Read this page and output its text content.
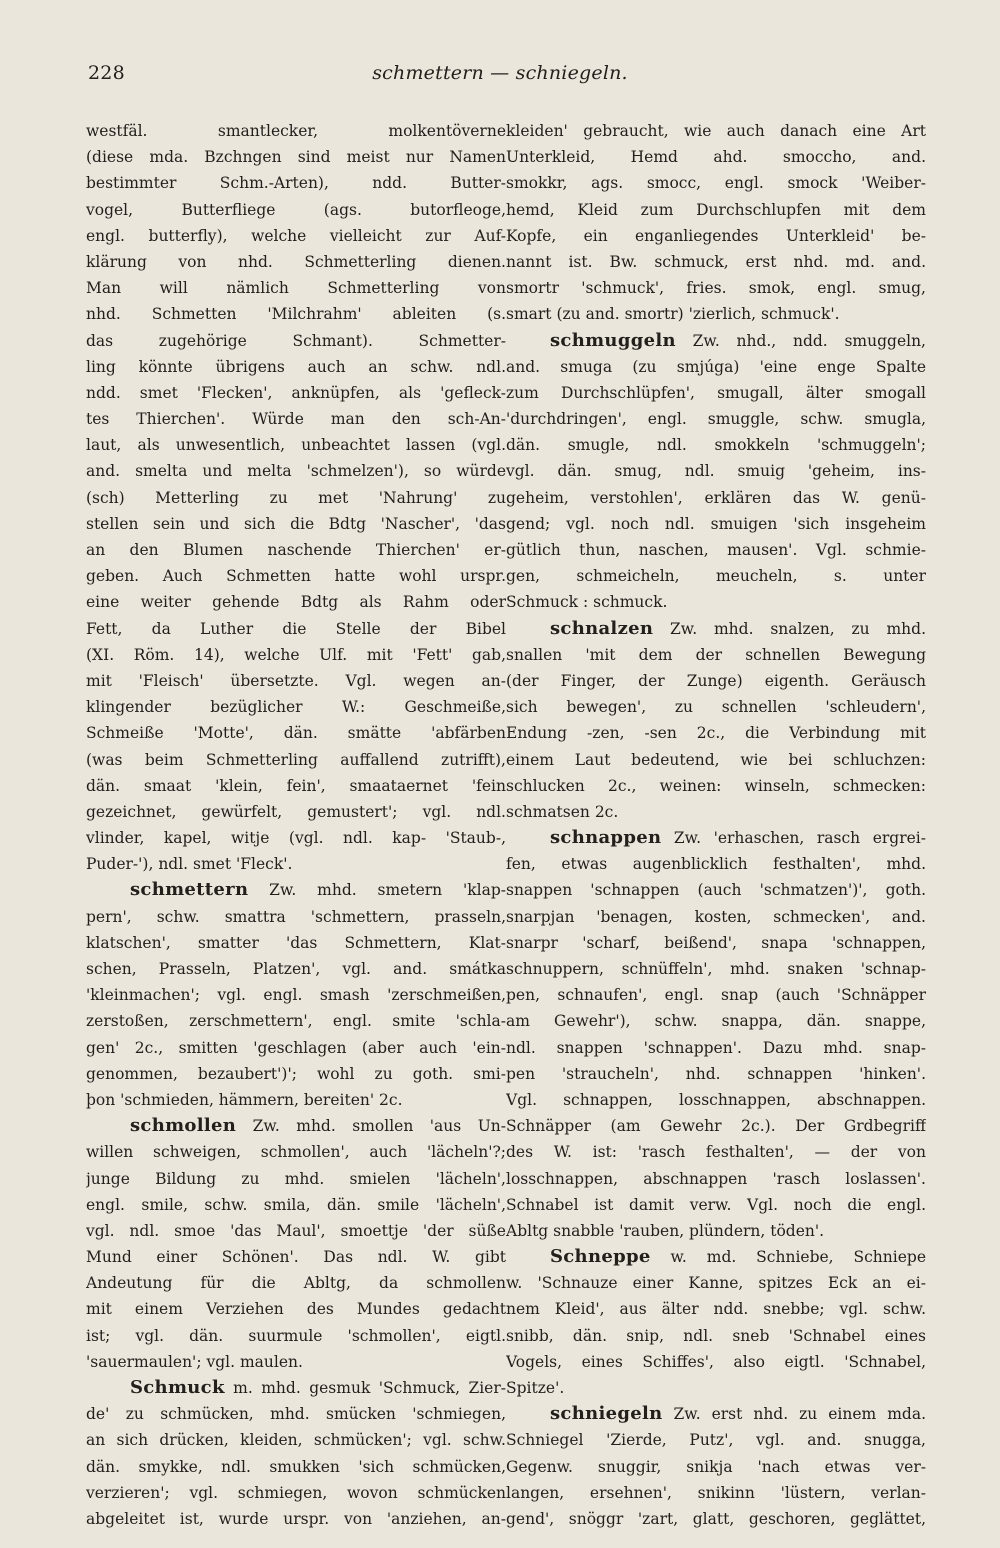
228	schmettern — schniegeln.
westfäl. smantlecker, molkentöverne
(diese mda. Bzchngen sind meist nur Namen
bestimmter Schm.-Arten), ndd. Butter-
vogel, Butterfliege (ags. butorfleoge,
engl. butterfly), welche vielleicht zur Auf-
klärung von nhd. Schmetterling dienen.
Man will nämlich Schmetterling von
nhd. Schmetten 'Milchrahm' ableiten (s.
das zugehörige Schmant). Schmetter-
ling könnte übrigens auch an schw. ndl.
ndd. smet 'Flecken', anknüpfen, als 'gefleck-
tes Thierchen'. Würde man den sch-An-
laut, als unwesentlich, unbeachtet lassen (vgl.
and. smelta und melta 'schmelzen'), so würde
(sch) Metterling zu met 'Nahrung' zu
stellen sein und sich die Bdtg 'Nascher', 'das
an den Blumen naschende Thierchen' er-
geben. Auch Schmetten hatte wohl urspr.
eine weiter gehende Bdtg als Rahm oder
Fett, da Luther die Stelle der Bibel
(XI. Röm. 14), welche Ulf. mit 'Fett' gab,
mit 'Fleisch' übersetzte. Vgl. wegen an-
klingender bezüglicher W.: Geschmeiße,
Schmeiße 'Motte', dän. smätte 'abfärben
(was beim Schmetterling auffallend zutrifft),
dän. smaat 'klein, fein', smaataernet 'fein
gezeichnet, gewürfelt, gemustert'; vgl. ndl.
vlinder, kapel, witje (vgl. ndl. kap- 'Staub-,
Puder-'), ndl. smet 'Fleck'.
schmettern Zw. mhd. smetern 'klap-
pern', schw. smattra 'schmettern, prasseln,
klatschen', smatter 'das Schmettern, Klat-
schen, Prasseln, Platzen', vgl. and. smátka
'kleinmachen'; vgl. engl. smash 'zerschmeißen,
zerstoßen, zerschmettern', engl. smite 'schla-
gen' 2c., smitten 'geschlagen (aber auch 'ein-
genommen, bezaubert')'; wohl zu goth. smi-
þon 'schmieden, hämmern, bereiten' 2c.
schmollen Zw. mhd. smollen 'aus Un-
willen schweigen, schmollen', auch 'lächeln'?;
junge Bildung zu mhd. smielen 'lächeln',
engl. smile, schw. smila, dän. smile 'lächeln',
vgl. ndl. smoe 'das Maul', smoettje 'der süße
Mund einer Schönen'. Das ndl. W. gibt
Andeutung für die Abltg, da schmollen
mit einem Verziehen des Mundes gedacht
ist; vgl. dän. suurmule 'schmollen', eigtl.
'sauermaulen'; vgl. maulen.
Schmuck m. mhd. gesmuk 'Schmuck, Zier-
de' zu schmücken, mhd. smücken 'schmiegen,
an sich drücken, kleiden, schmücken'; vgl. schw.
dän. smykke, ndl. smukken 'sich schmücken,
verzieren'; vgl. schmiegen, wovon schmücken
abgeleitet ist, wurde urspr. von 'anziehen, an-
kleiden' gebraucht, wie auch danach eine Art
Unterkleid, Hemd ahd. smoccho, and.
smokkr, ags. smocc, engl. smock 'Weiber-
hemd, Kleid zum Durchschlupfen mit dem
Kopfe, ein enganliegendes Unterkleid' be-
nannt ist. Bw. schmuck, erst nhd. md. and.
smortr 'schmuck', fries. smok, engl. smug,
smart (zu and. smortr) 'zierlich, schmuck'.
schmuggeln Zw. nhd., ndd. smuggeln,
and. smuga (zu smjúga) 'eine enge Spalte
zum Durchschlüpfen', smugall, älter smogall
'durchdringen', engl. smuggle, schw. smugla,
dän. smugle, ndl. smokkeln 'schmuggeln';
vgl. dän. smug, ndl. smuig 'geheim, ins-
geheim, verstohlen', erklären das W. genü-
gend; vgl. noch ndl. smuigen 'sich insgeheim
gütlich thun, naschen, mausen'. Vgl. schmie-
gen, schmeicheln, meucheln, s. unter
Schmuck : schmuck.
schnalzen Zw. mhd. snalzen, zu mhd.
snallen 'mit dem der schnellen Bewegung
(der Finger, der Zunge) eigenth. Geräusch
sich bewegen', zu schnellen 'schleudern',
Endung -zen, -sen 2c., die Verbindung mit
einem Laut bedeutend, wie bei schluchzen:
schlucken 2c., weinen: winseln, schmecken:
schmatsen 2c.
schnappen Zw. 'erhaschen, rasch ergrei-
fen, etwas augenblicklich festhalten', mhd.
snappen 'schnappen (auch 'schmatzen')', goth.
snarpjan 'benagen, kosten, schmecken', and.
snarpr 'scharf, beißend', snapa 'schnappen,
schnuppern, schnüffeln', mhd. snaken 'schnap-
pen, schnaufen', engl. snap (auch 'Schnäpper
am Gewehr'), schw. snappa, dän. snappe,
ndl. snappen 'schnappen'. Dazu mhd. snap-
pen 'straucheln', nhd. schnappen 'hinken'.
Vgl. schnappen, losschnappen, abschnappen.
Schnäpper (am Gewehr 2c.). Der Grdbegriff
des W. ist: 'rasch festhalten', — der von
losschnappen, abschnappen 'rasch loslassen'.
Schnabel ist damit verw. Vgl. noch die engl.
Abltg snabble 'rauben, plündern, töden'.
Schneppe w. md. Schniebe, Schniepe
w. 'Schnauze einer Kanne, spitzes Eck an ei-
nem Kleid', aus älter ndd. snebbe; vgl. schw.
snibb, dän. snip, ndl. sneb 'Schnabel eines
Vogels, eines Schiffes', also eigtl. 'Schnabel,
Spitze'.
schniegeln Zw. erst nhd. zu einem mda.
Schniegel 'Zierde, Putz', vgl. and. snugga,
Gegenw. snuggir, snikja 'nach etwas ver-
langen, ersehnen', snikinn 'lüstern, verlan-
gend', snöggr 'zart, glatt, geschoren, geglättet,
